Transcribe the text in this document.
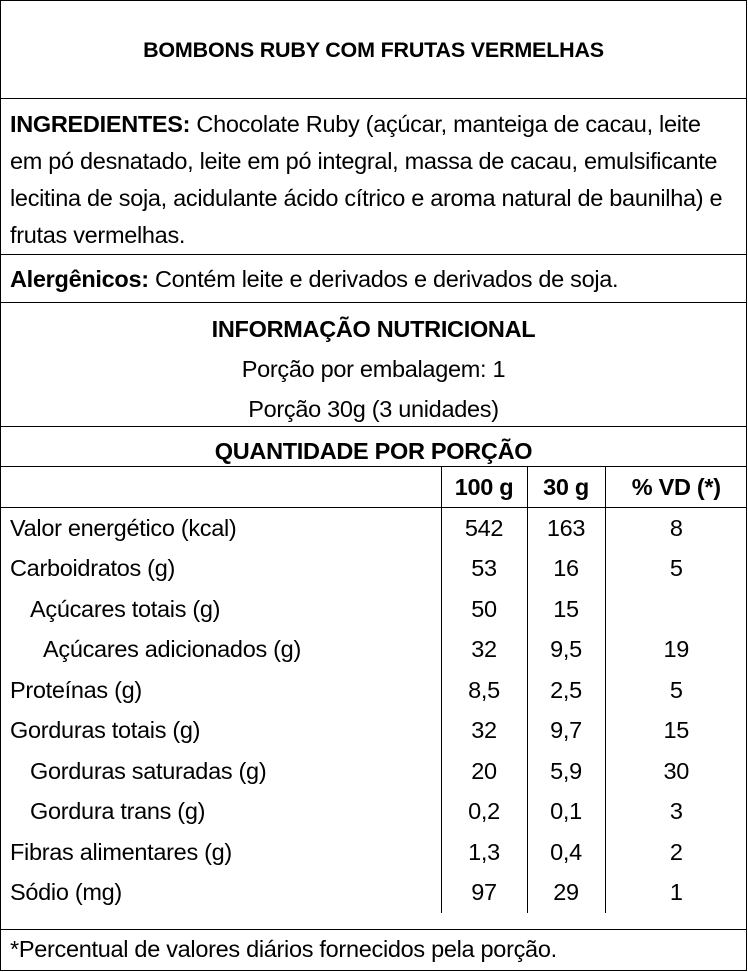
BOMBONS RUBY COM FRUTAS VERMELHAS
INGREDIENTES: Chocolate Ruby (açúcar, manteiga de cacau, leite em pó desnatado, leite em pó integral, massa de cacau, emulsificante lecitina de soja, acidulante ácido cítrico e aroma natural de baunilha) e frutas vermelhas.
Alergênicos: Contém leite e derivados e derivados de soja.
INFORMAÇÃO NUTRICIONAL
Porção por embalagem: 1
Porção 30g (3 unidades)
QUANTIDADE POR PORÇÃO
	100 g	30 g	% VD (*)
Valor energético (kcal)	542	163	8
Carboidratos (g)	53	16	5
Açúcares totais (g)	50	15	
Açúcares adicionados (g)	32	9,5	19
Proteínas (g)	8,5	2,5	5
Gorduras totais (g)	32	9,7	15
Gorduras saturadas (g)	20	5,9	30
Gordura trans (g)	0,2	0,1	3
Fibras alimentares (g)	1,3	0,4	2
Sódio (mg)	97	29	1
*Percentual de valores diários fornecidos pela porção.
